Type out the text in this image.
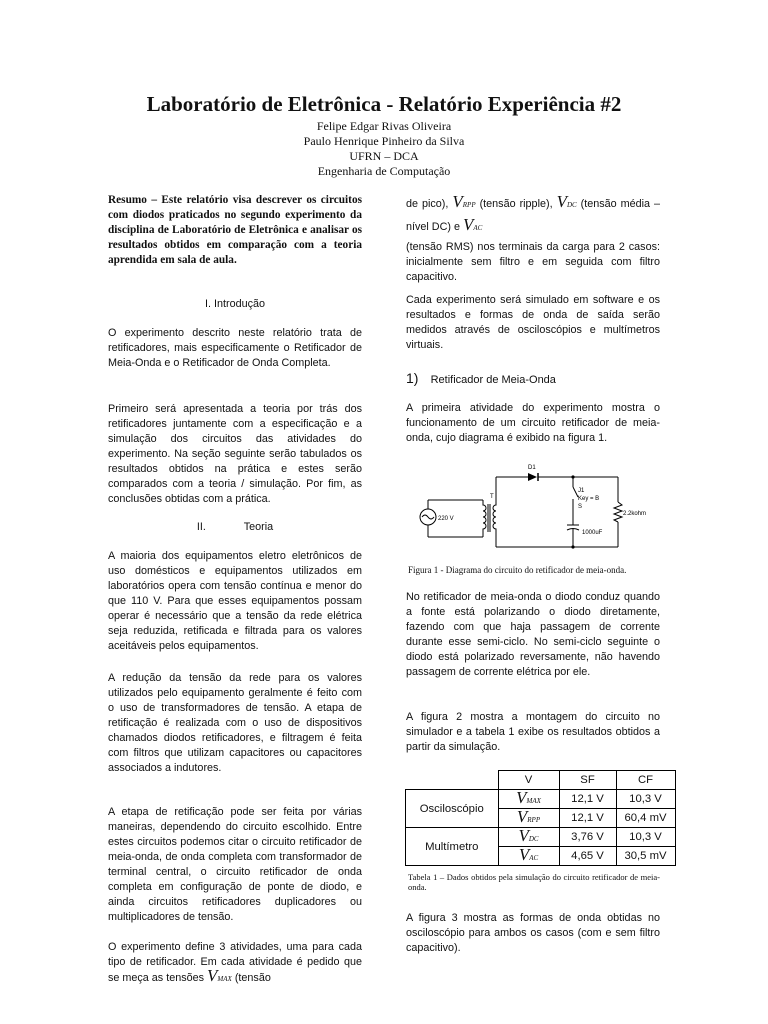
Laboratório de Eletrônica - Relatório Experiência #2
Felipe Edgar Rivas Oliveira
Paulo Henrique Pinheiro da Silva
UFRN – DCA
Engenharia de Computação

Resumo – Este relatório visa descrever os circuitos com diodos praticados no segundo experimento da disciplina de Laboratório de Eletrônica e analisar os resultados obtidos em comparação com a teoria aprendida em sala de aula.

I. Introdução

O experimento descrito neste relatório trata de retificadores, mais especificamente o Retificador de Meia-Onda e o Retificador de Onda Completa.

Primeiro será apresentada a teoria por trás dos retificadores juntamente com a especificação e a simulação dos circuitos das atividades do experimento. Na seção seguinte serão tabulados os resultados obtidos na prática e estes serão comparados com a teoria / simulação. Por fim, as conclusões obtidas com a prática.

II.	Teoria

A maioria dos equipamentos eletro eletrônicos de uso domésticos e equipamentos utilizados em laboratórios opera com tensão contínua e menor do que 110 V. Para que esses equipamentos possam operar é necessário que a tensão da rede elétrica seja reduzida, retificada e filtrada para os valores aceitáveis pelos equipamentos.

A redução da tensão da rede para os valores utilizados pelo equipamento geralmente é feito com o uso de transformadores de tensão. A etapa de retificação é realizada com o uso de dispositivos chamados diodos retificadores, e filtragem é feita com filtros que utilizam capacitores ou capacitores associados a indutores.

A etapa de retificação pode ser feita por várias maneiras, dependendo do circuito escolhido. Entre estes circuitos podemos citar o circuito retificador de meia-onda, de onda completa com transformador de terminal central, o circuito retificador de onda completa em configuração de ponte de diodo, e ainda circuitos retificadores duplicadores ou multiplicadores de tensão.

O experimento define 3 atividades, uma para cada tipo de retificador. Em cada atividade é pedido que se meça as tensões VMAX (tensão

de pico), VRPP (tensão ripple), VDC (tensão média – nível DC) e VAC

(tensão RMS) nos terminais da carga para 2 casos: inicialmente sem filtro e em seguida com filtro capacitivo.

Cada experimento será simulado em software e os resultados e formas de onda de saída serão medidos através de osciloscópios e multímetros virtuais.

1) Retificador de Meia-Onda

A primeira atividade do experimento mostra o funcionamento de um circuito retificador de meia-onda, cujo diagrama é exibido na figura 1.

D1
T
220 V
J1
Key = B
S
1000uF
2.2kohm
Figura 1 - Diagrama do circuito do retificador de meia-onda.

No retificador de meia-onda o diodo conduz quando a fonte está polarizando o diodo diretamente, fazendo com que haja passagem de corrente durante esse semi-ciclo. No semi-ciclo seguinte o diodo está polarizado reversamente, não havendo passagem de corrente elétrica por ele.

A figura 2 mostra a montagem do circuito no simulador e a tabela 1 exibe os resultados obtidos a partir da simulação.

	V	SF	CF
Osciloscópio	VMAX	12,1 V	10,3 V
	VRPP	12,1 V	60,4 mV
Multímetro	VDC	3,76 V	10,3 V
	VAC	4,65 V	30,5 mV
Tabela 1 – Dados obtidos pela simulação do circuito retificador de meia-onda.

A figura 3 mostra as formas de onda obtidas no osciloscópio para ambos os casos (com e sem filtro capacitivo).
